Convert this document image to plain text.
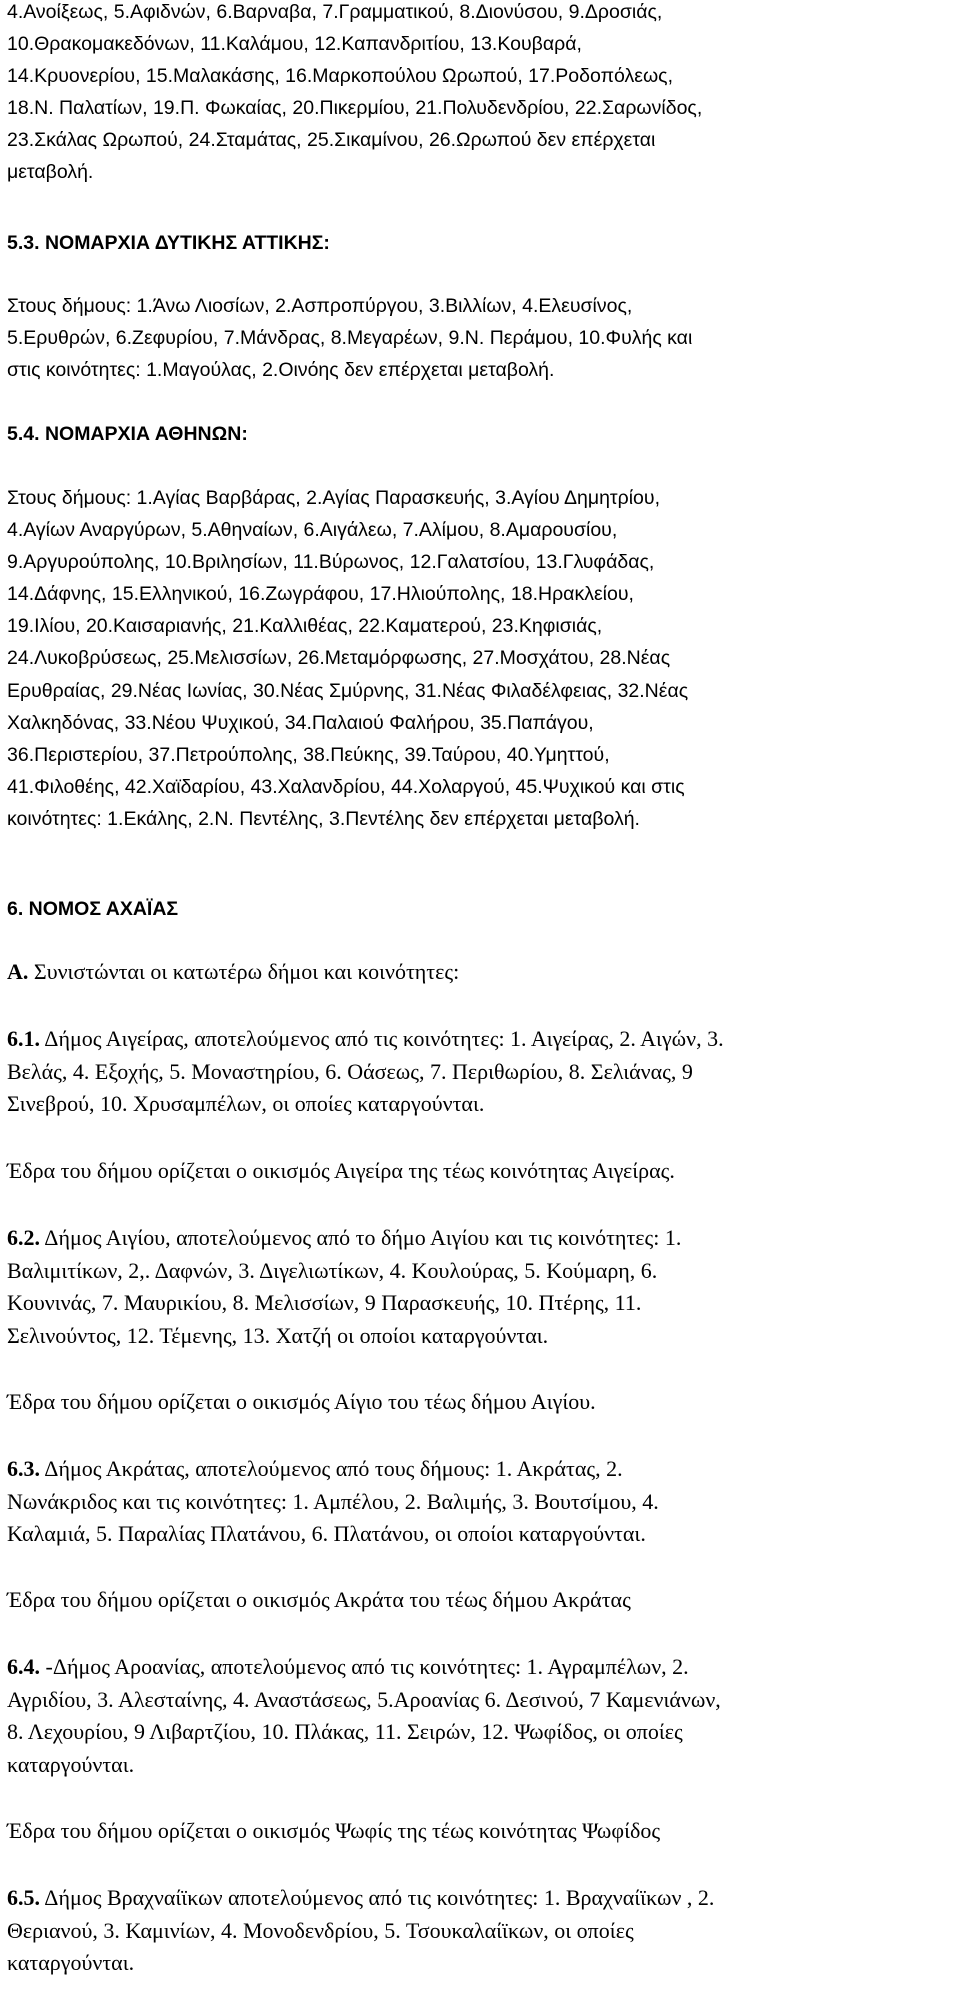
4.Ανοίξεως, 5.Αφιδνών, 6.Βαρναβα, 7.Γραμματικού, 8.Διονύσου, 9.Δροσιάς,
10.Θρακομακεδόνων, 11.Καλάμου, 12.Καπανδριτίου, 13.Κουβαρά,
14.Κρυονερίου, 15.Μαλακάσης, 16.Μαρκοπούλου Ωρωπού, 17.Ροδοπόλεως,
18.Ν. Παλατίων, 19.Π. Φωκαίας, 20.Πικερμίου, 21.Πολυδενδρίου, 22.Σαρωνίδος,
23.Σκάλας Ωρωπού, 24.Σταμάτας, 25.Σικαμίνου, 26.Ωρωπού δεν επέρχεται
μεταβολή.
5.3. ΝΟΜΑΡΧΙΑ ΔΥΤΙΚΗΣ ΑΤΤΙΚΗΣ:
Στους δήμους: 1.Άνω Λιοσίων, 2.Ασπροπύργου, 3.Βιλλίων, 4.Ελευσίνος,
5.Ερυθρών, 6.Ζεφυρίου, 7.Μάνδρας, 8.Μεγαρέων, 9.Ν. Περάμου, 10.Φυλής και
στις κοινότητες: 1.Μαγούλας, 2.Οινόης δεν επέρχεται μεταβολή.
5.4. ΝΟΜΑΡΧΙΑ ΑΘΗΝΩΝ:
Στους δήμους: 1.Αγίας Βαρβάρας, 2.Αγίας Παρασκευής, 3.Αγίου Δημητρίου,
4.Αγίων Αναργύρων, 5.Αθηναίων, 6.Αιγάλεω, 7.Αλίμου, 8.Αμαρουσίου,
9.Αργυρούπολης, 10.Βριλησίων, 11.Βύρωνος, 12.Γαλατσίου, 13.Γλυφάδας,
14.Δάφνης, 15.Ελληνικού, 16.Ζωγράφου, 17.Ηλιούπολης, 18.Ηρακλείου,
19.Ιλίου, 20.Καισαριανής, 21.Καλλιθέας, 22.Καματερού, 23.Κηφισιάς,
24.Λυκοβρύσεως, 25.Μελισσίων, 26.Μεταμόρφωσης, 27.Μοσχάτου, 28.Νέας
Ερυθραίας, 29.Νέας Ιωνίας, 30.Νέας Σμύρνης, 31.Νέας Φιλαδέλφειας, 32.Νέας
Χαλκηδόνας, 33.Νέου Ψυχικού, 34.Παλαιού Φαλήρου, 35.Παπάγου,
36.Περιστερίου, 37.Πετρούπολης, 38.Πεύκης, 39.Ταύρου, 40.Υμηττού,
41.Φιλοθέης, 42.Χαϊδαρίου, 43.Χαλανδρίου, 44.Χολαργού, 45.Ψυχικού και στις
κοινότητες: 1.Εκάλης, 2.Ν. Πεντέλης, 3.Πεντέλης δεν επέρχεται μεταβολή.
6. ΝΟΜΟΣ ΑΧΑΪΑΣ
Α. Συνιστώνται οι κατωτέρω δήμοι και κοινότητες:
6.1. Δήμος Αιγείρας, αποτελούμενος από τις κοινότητες: 1. Αιγείρας, 2. Αιγών, 3.
Βελάς, 4. Εξοχής, 5. Μοναστηρίου, 6. Οάσεως, 7. Περιθωρίου, 8. Σελιάνας, 9
Σινεβρού, 10. Χρυσαμπέλων, οι οποίες καταργούνται.
Έδρα του δήμου ορίζεται ο οικισμός Αιγείρα της τέως κοινότητας Αιγείρας.
6.2. Δήμος Αιγίου, αποτελούμενος από το δήμο Αιγίου και τις κοινότητες: 1.
Βαλιμιτίκων, 2,. Δαφνών, 3. Διγελιωτίκων, 4. Κουλούρας, 5. Κούμαρη, 6.
Κουνινάς, 7. Μαυρικίου, 8. Μελισσίων, 9 Παρασκευής, 10. Πτέρης, 11.
Σελινούντος, 12. Τέμενης, 13. Χατζή οι οποίοι καταργούνται.
Έδρα του δήμου ορίζεται ο οικισμός Αίγιο του τέως δήμου Αιγίου.
6.3. Δήμος Ακράτας, αποτελούμενος από τους δήμους: 1. Ακράτας, 2.
Νωνάκριδος και τις κοινότητες: 1. Αμπέλου, 2. Βαλιμής, 3. Βουτσίμου, 4.
Καλαμιά, 5. Παραλίας Πλατάνου, 6. Πλατάνου, οι οποίοι καταργούνται.
Έδρα του δήμου ορίζεται ο οικισμός Ακράτα του τέως δήμου Ακράτας
6.4. -Δήμος Αροανίας, αποτελούμενος από τις κοινότητες: 1. Αγραμπέλων, 2.
Αγριδίου, 3. Αλεσταίνης, 4. Αναστάσεως, 5.Αροανίας 6. Δεσινού, 7 Καμενιάνων,
8. Λεχουρίου, 9 Λιβαρτζίου, 10. Πλάκας, 11. Σειρών, 12. Ψωφίδος, οι οποίες
καταργούνται.
Έδρα του δήμου ορίζεται ο οικισμός Ψωφίς της τέως κοινότητας Ψωφίδος
6.5. Δήμος Βραχναίϊκων αποτελούμενος από τις κοινότητες: 1. Βραχναίϊκων , 2.
Θεριανού, 3. Καμινίων, 4. Μονοδενδρίου, 5. Τσουκαλαίϊκων, οι οποίες
καταργούνται.
